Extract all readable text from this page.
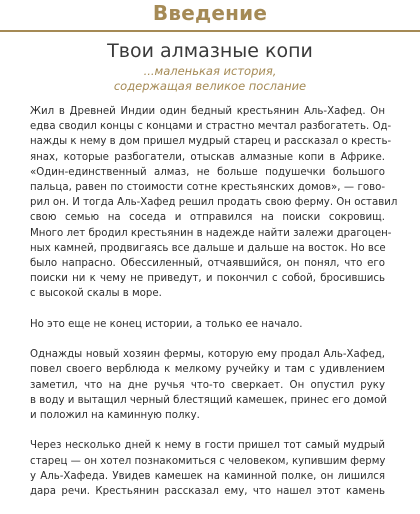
Введение
Твои алмазные копи
...маленькая история,
содержащая великое послание
Жил в Древней Индии один бедный крестьянин Аль-Хафед. Он
едва сводил концы с концами и страстно мечтал разбогатеть. Од-
нажды к нему в дом пришел мудрый старец и рассказал о кресть-
янах, которые разбогатели, отыскав алмазные копи в Африке.
«Один-единственный алмаз, не больше подушечки большого
пальца, равен по стоимости сотне крестьянских домов», — гово-
рил он. И тогда Аль-Хафед решил продать свою ферму. Он оставил
свою семью на соседа и отправился на поиски сокровищ.
Много лет бродил крестьянин в надежде найти залежи драгоцен-
ных камней, продвигаясь все дальше и дальше на восток. Но все
было напрасно. Обессиленный, отчаявшийся, он понял, что его
поиски ни к чему не приведут, и покончил с собой, бросившись
с высокой скалы в море.
Но это еще не конец истории, а только ее начало.
Однажды новый хозяин фермы, которую ему продал Аль-Хафед,
повел своего верблюда к мелкому ручейку и там с удивлением
заметил, что на дне ручья что-то сверкает. Он опустил руку
в воду и вытащил черный блестящий камешек, принес его домой
и положил на каминную полку.
Через несколько дней к нему в гости пришел тот самый мудрый
старец — он хотел познакомиться с человеком, купившим ферму
у Аль-Хафеда. Увидев камешек на каминной полке, он лишился
дара речи. Крестьянин рассказал ему, что нашел этот камень
